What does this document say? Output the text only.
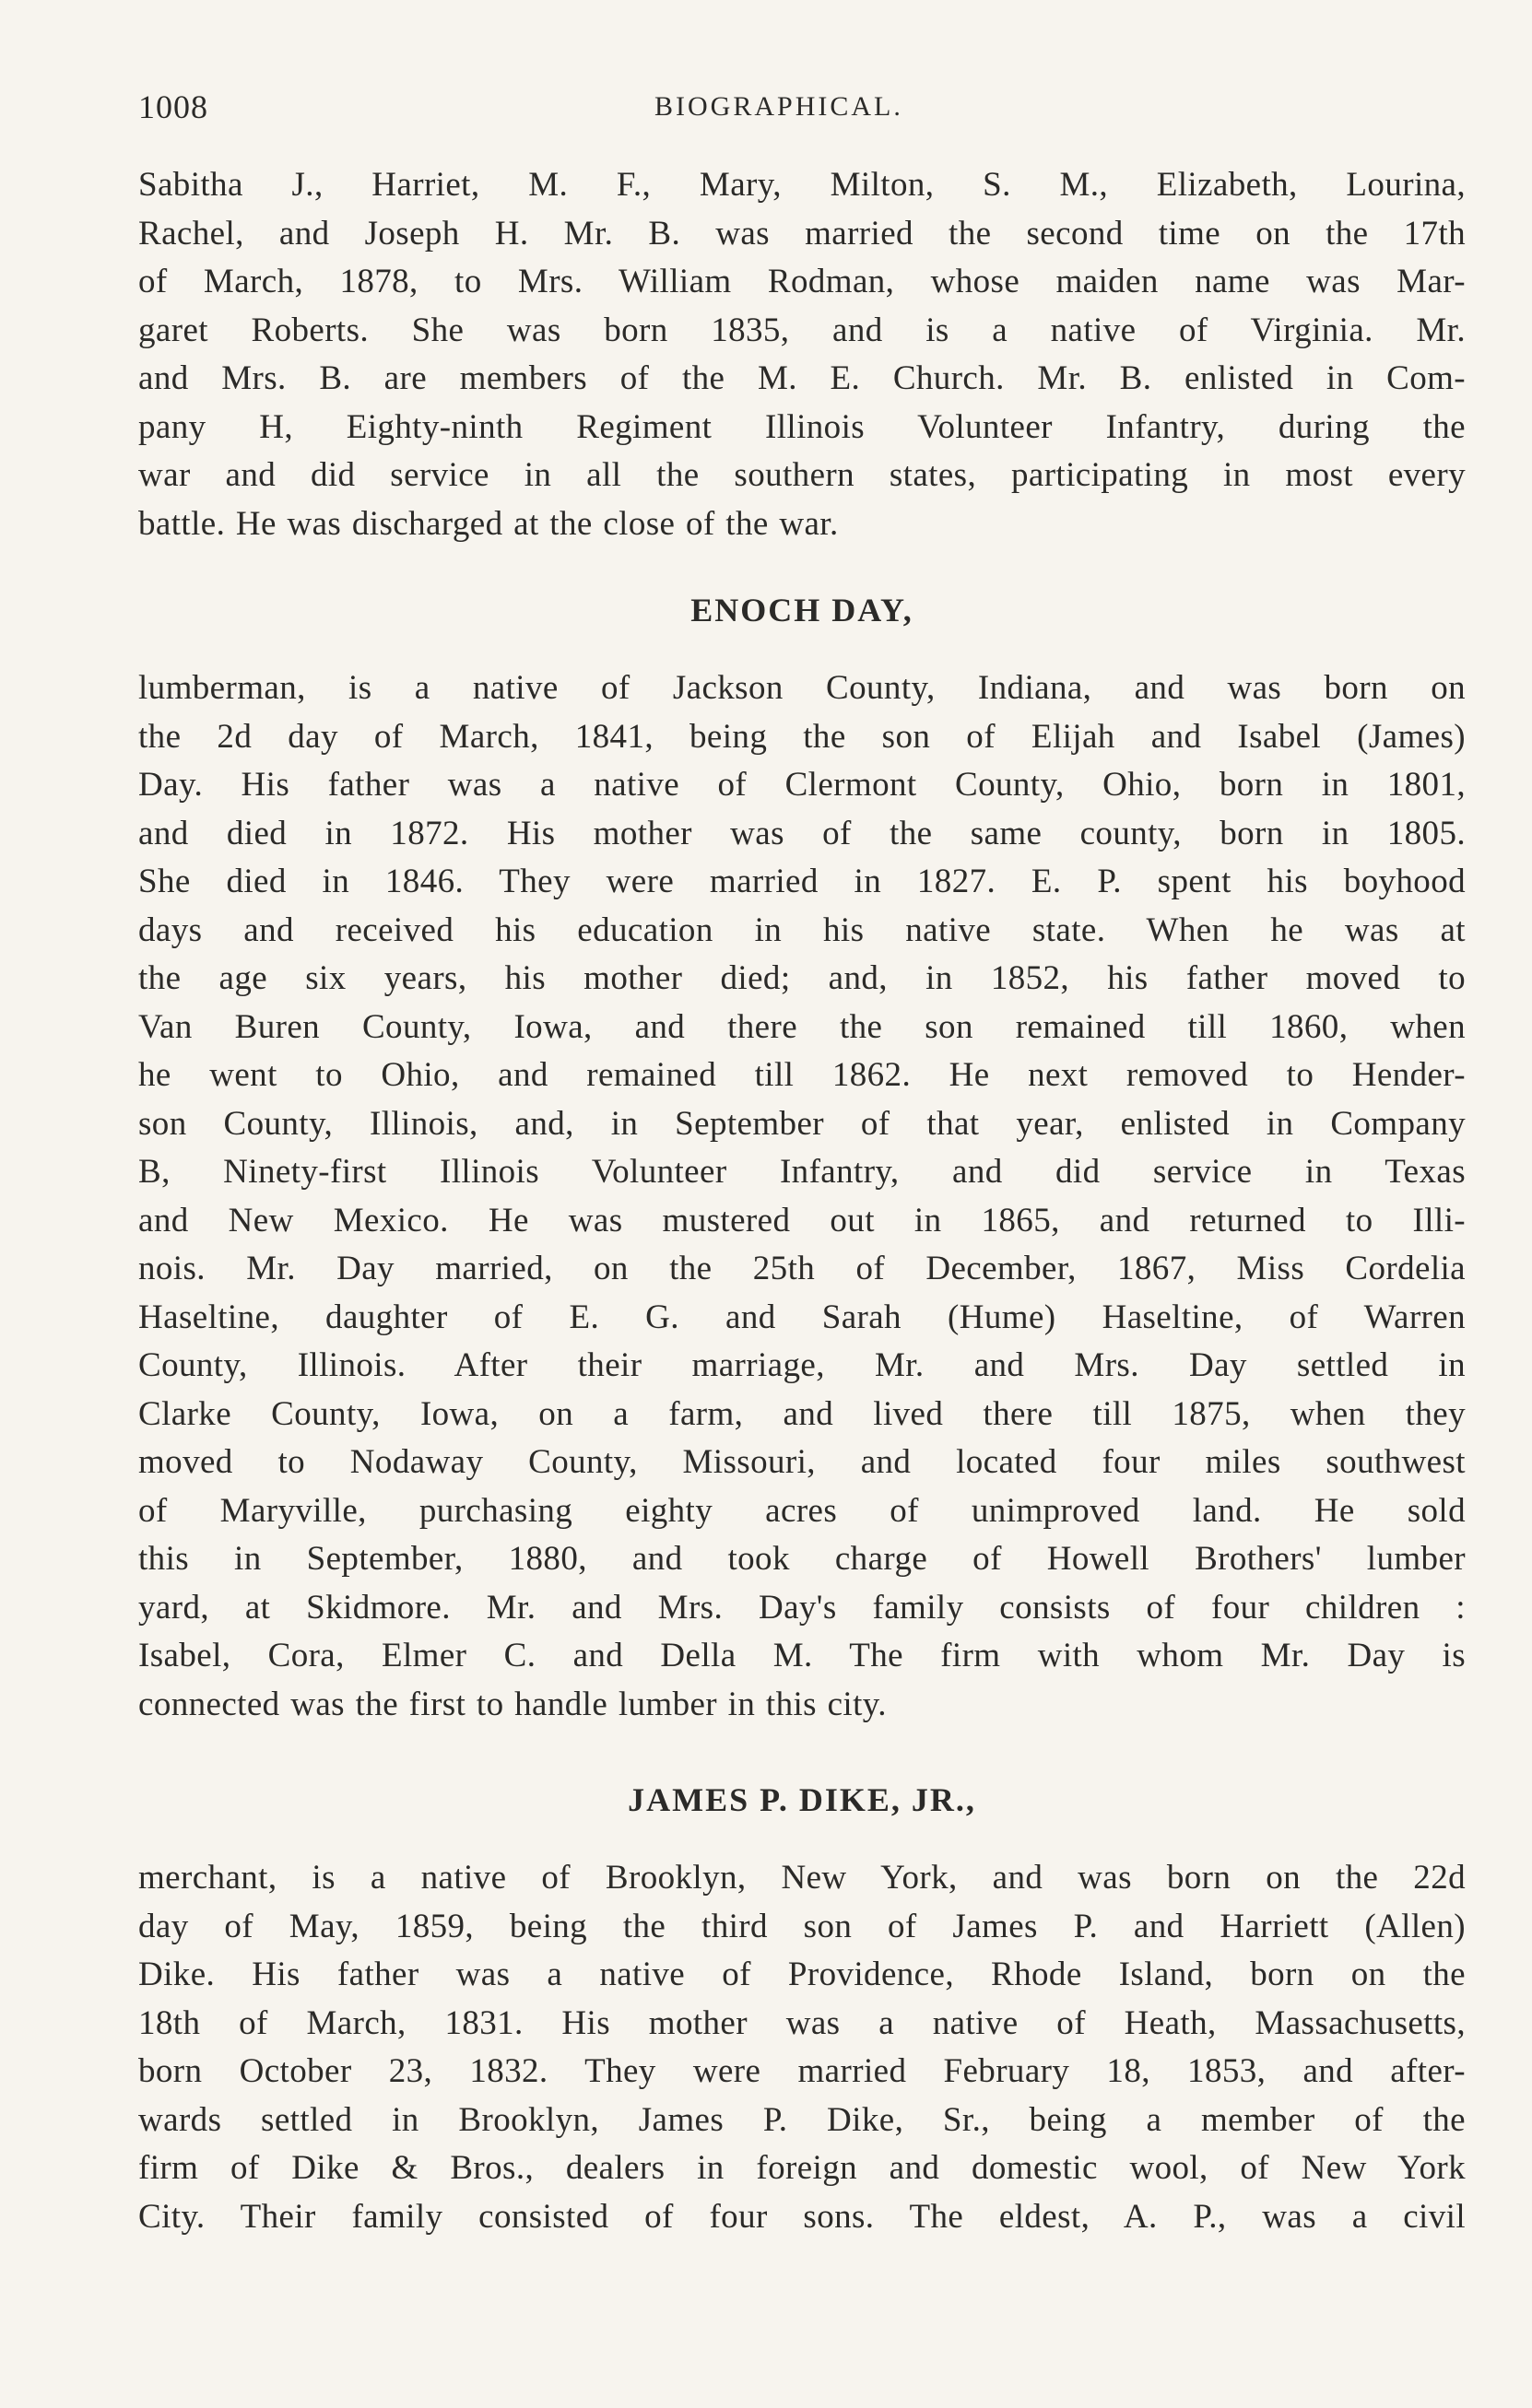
1008	BIOGRAPHICAL.

Sabitha J., Harriet, M. F., Mary, Milton, S. M., Elizabeth, Lourina,
Rachel, and Joseph H. Mr. B. was married the second time on the 17th
of March, 1878, to Mrs. William Rodman, whose maiden name was Mar-
garet Roberts. She was born 1835, and is a native of Virginia. Mr.
and Mrs. B. are members of the M. E. Church. Mr. B. enlisted in Com-
pany H, Eighty-ninth Regiment Illinois Volunteer Infantry, during the
war and did service in all the southern states, participating in most every
battle. He was discharged at the close of the war.

ENOCH DAY,

lumberman, is a native of Jackson County, Indiana, and was born on
the 2d day of March, 1841, being the son of Elijah and Isabel (James)
Day. His father was a native of Clermont County, Ohio, born in 1801,
and died in 1872. His mother was of the same county, born in 1805.
She died in 1846. They were married in 1827. E. P. spent his boyhood
days and received his education in his native state. When he was at
the age six years, his mother died; and, in 1852, his father moved to
Van Buren County, Iowa, and there the son remained till 1860, when
he went to Ohio, and remained till 1862. He next removed to Hender-
son County, Illinois, and, in September of that year, enlisted in Company
B, Ninety-first Illinois Volunteer Infantry, and did service in Texas
and New Mexico. He was mustered out in 1865, and returned to Illi-
nois. Mr. Day married, on the 25th of December, 1867, Miss Cordelia
Haseltine, daughter of E. G. and Sarah (Hume) Haseltine, of Warren
County, Illinois. After their marriage, Mr. and Mrs. Day settled in
Clarke County, Iowa, on a farm, and lived there till 1875, when they
moved to Nodaway County, Missouri, and located four miles southwest
of Maryville, purchasing eighty acres of unimproved land. He sold
this in September, 1880, and took charge of Howell Brothers' lumber
yard, at Skidmore. Mr. and Mrs. Day's family consists of four children :
Isabel, Cora, Elmer C. and Della M. The firm with whom Mr. Day is
connected was the first to handle lumber in this city.

JAMES P. DIKE, JR.,

merchant, is a native of Brooklyn, New York, and was born on the 22d
day of May, 1859, being the third son of James P. and Harriett (Allen)
Dike. His father was a native of Providence, Rhode Island, born on the
18th of March, 1831. His mother was a native of Heath, Massachusetts,
born October 23, 1832. They were married February 18, 1853, and after-
wards settled in Brooklyn, James P. Dike, Sr., being a member of the
firm of Dike & Bros., dealers in foreign and domestic wool, of New York
City. Their family consisted of four sons. The eldest, A. P., was a civil
